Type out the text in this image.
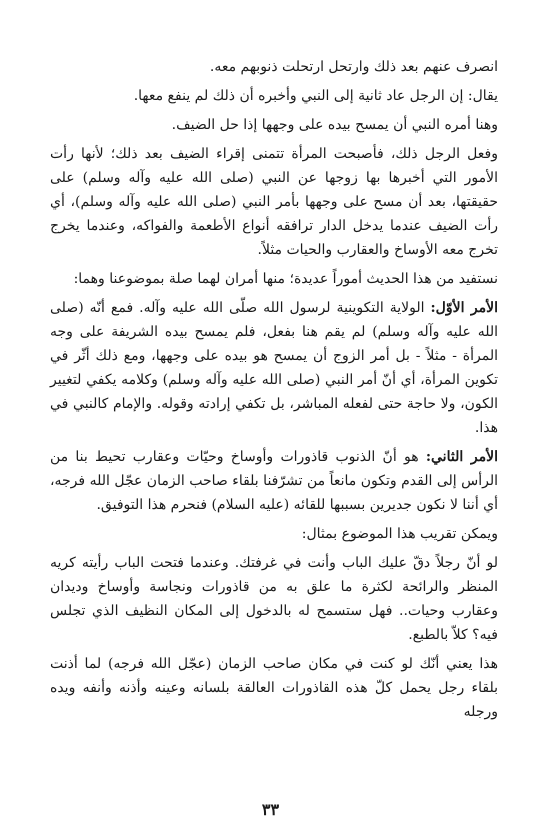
انصرف عنهم بعد ذلك وارتحل ارتحلت ذنوبهم معه.

يقال: إن الرجل عاد ثانية إلى النبي وأخبره أن ذلك لم ينفع معها.

وهنا أمره النبي أن يمسح بيده على وجهها إذا حل الضيف.

وفعل الرجل ذلك، فأصبحت المرأة تتمنى إقراء الضيف بعد ذلك؛ لأنها رأت الأمور التي أخبرها بها زوجها عن النبي (صلى الله عليه وآله وسلم) على حقيقتها، بعد أن مسح على وجهها بأمر النبي (صلى الله عليه وآله وسلم)، أي رأت الضيف عندما يدخل الدار ترافقه أنواع الأطعمة والفواكه، وعندما يخرج تخرج معه الأوساخ والعقارب والحيات مثلاً.

نستفيد من هذا الحديث أموراً عديدة؛ منها أمران لهما صلة بموضوعنا وهما:

الأمر الأوّل: الولاية التكوينية لرسول الله صلّى الله عليه وآله. فمع أنّه (صلى الله عليه وآله وسلم) لم يقم هنا بفعل، فلم يمسح بيده الشريفة على وجه المرأة - مثلاً - بل أمر الزوج أن يمسح هو بيده على وجهها، ومع ذلك أثّر في تكوين المرأة، أي أنّ أمر النبي (صلى الله عليه وآله وسلم) وكلامه يكفي لتغيير الكون، ولا حاجة حتى لفعله المباشر، بل تكفي إرادته وقوله. والإمام كالنبي في هذا.

الأمر الثاني: هو أنّ الذنوب قاذورات وأوساخ وحيّات وعقارب تحيط بنا من الرأس إلى القدم وتكون مانعاً من تشرّفنا بلقاء صاحب الزمان عجّل الله فرجه، أي أننا لا نكون جديرين بسببها للقائه (عليه السلام) فنحرم هذا التوفيق.

ويمكن تقريب هذا الموضوع بمثال:

لو أنّ رجلاً دقّ عليك الباب وأنت في غرفتك. وعندما فتحت الباب رأيته كريه المنظر والرائحة لكثرة ما علق به من قاذورات ونجاسة وأوساخ وديدان وعقارب وحيات.. فهل ستسمح له بالدخول إلى المكان النظيف الذي تجلس فيه؟ كلاّ بالطبع.

هذا يعني أنّك لو كنت في مكان صاحب الزمان (عجّل الله فرجه) لما أذنت بلقاء رجل يحمل كلّ هذه القاذورات العالقة بلسانه وعينه وأذنه وأنفه ويده ورجله

٣٣
